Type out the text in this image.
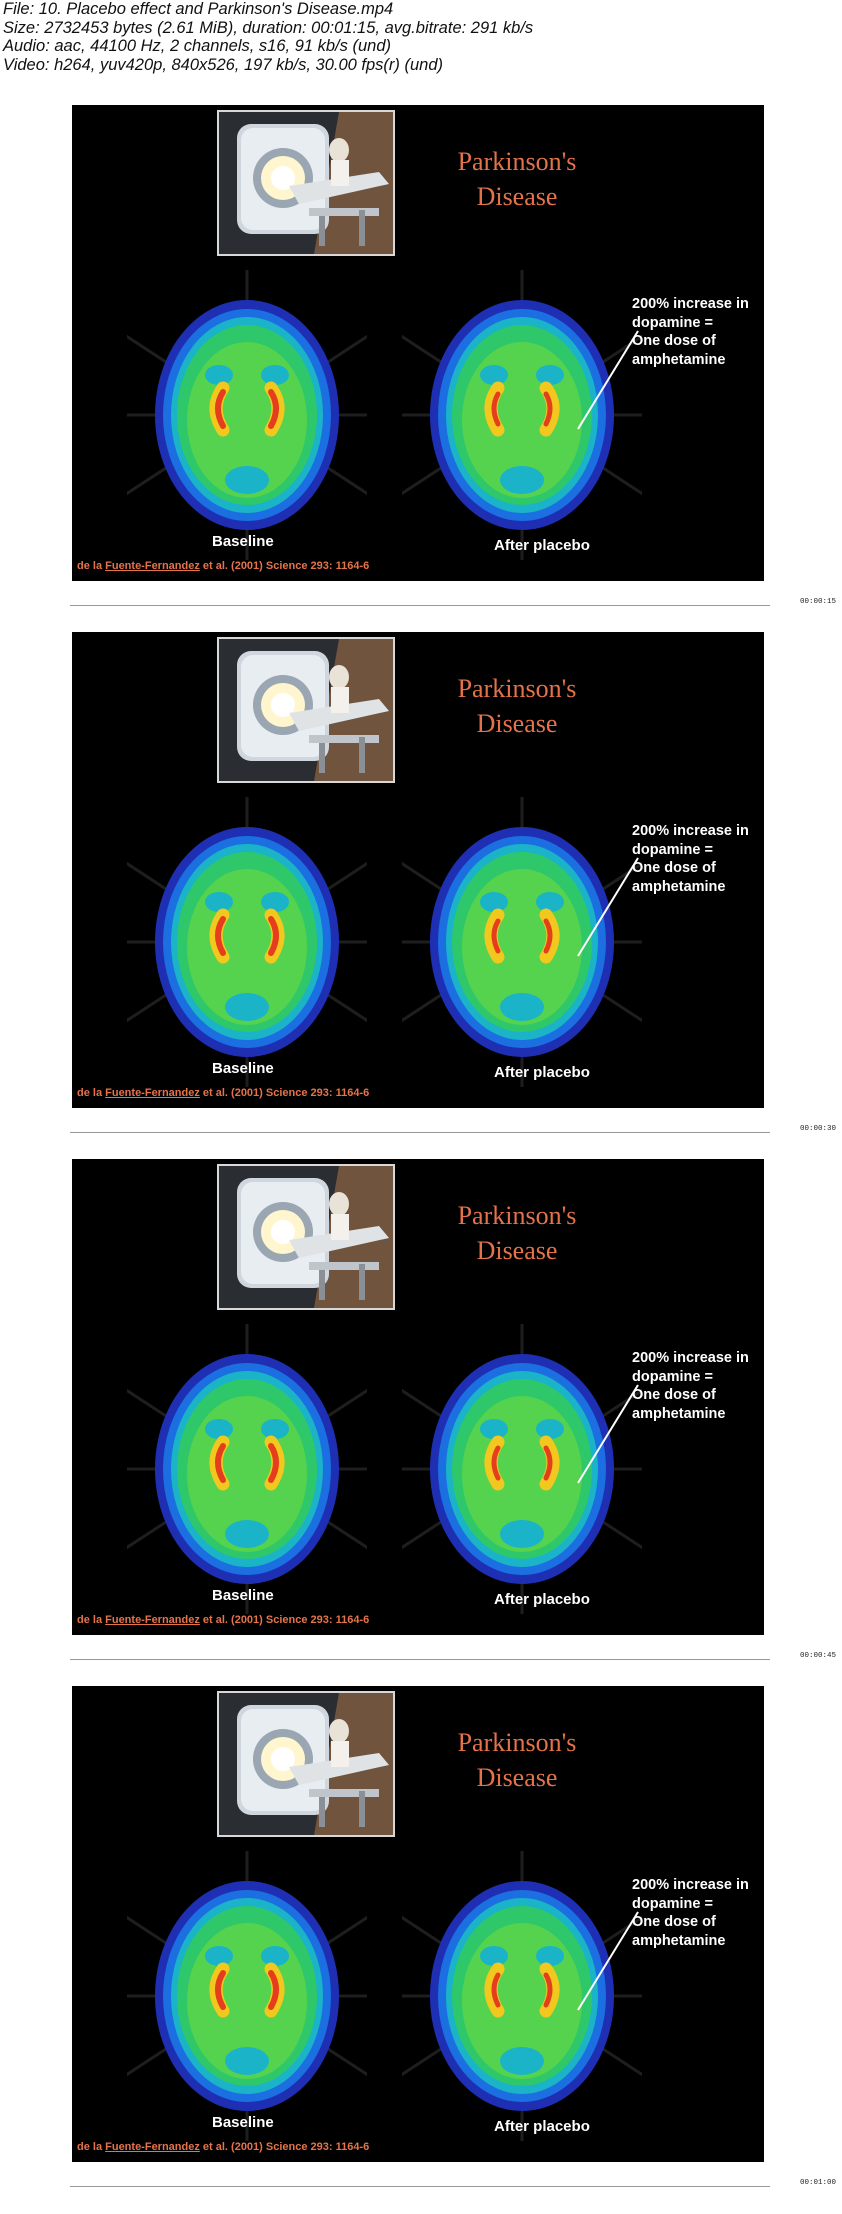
File: 10. Placebo effect and Parkinson's Disease.mp4
Size: 2732453 bytes (2.61 MiB), duration: 00:01:15, avg.bitrate: 291 kb/s
Audio: aac, 44100 Hz, 2 channels, s16, 91 kb/s (und)
Video: h264, yuv420p, 840x526, 197 kb/s, 30.00 fps(r) (und)
Parkinson's
Disease
200% increase in
dopamine =
One dose of
amphetamine
Baseline	After placebo
de la Fuente-Fernandez et al. (2001) Science 293: 1164-6
00:00:15
Parkinson's
Disease
200% increase in
dopamine =
One dose of
amphetamine
Baseline	After placebo
de la Fuente-Fernandez et al. (2001) Science 293: 1164-6
00:00:30
Parkinson's
Disease
200% increase in
dopamine =
One dose of
amphetamine
Baseline	After placebo
de la Fuente-Fernandez et al. (2001) Science 293: 1164-6
00:00:45
Parkinson's
Disease
200% increase in
dopamine =
One dose of
amphetamine
Baseline	After placebo
de la Fuente-Fernandez et al. (2001) Science 293: 1164-6
00:01:00
